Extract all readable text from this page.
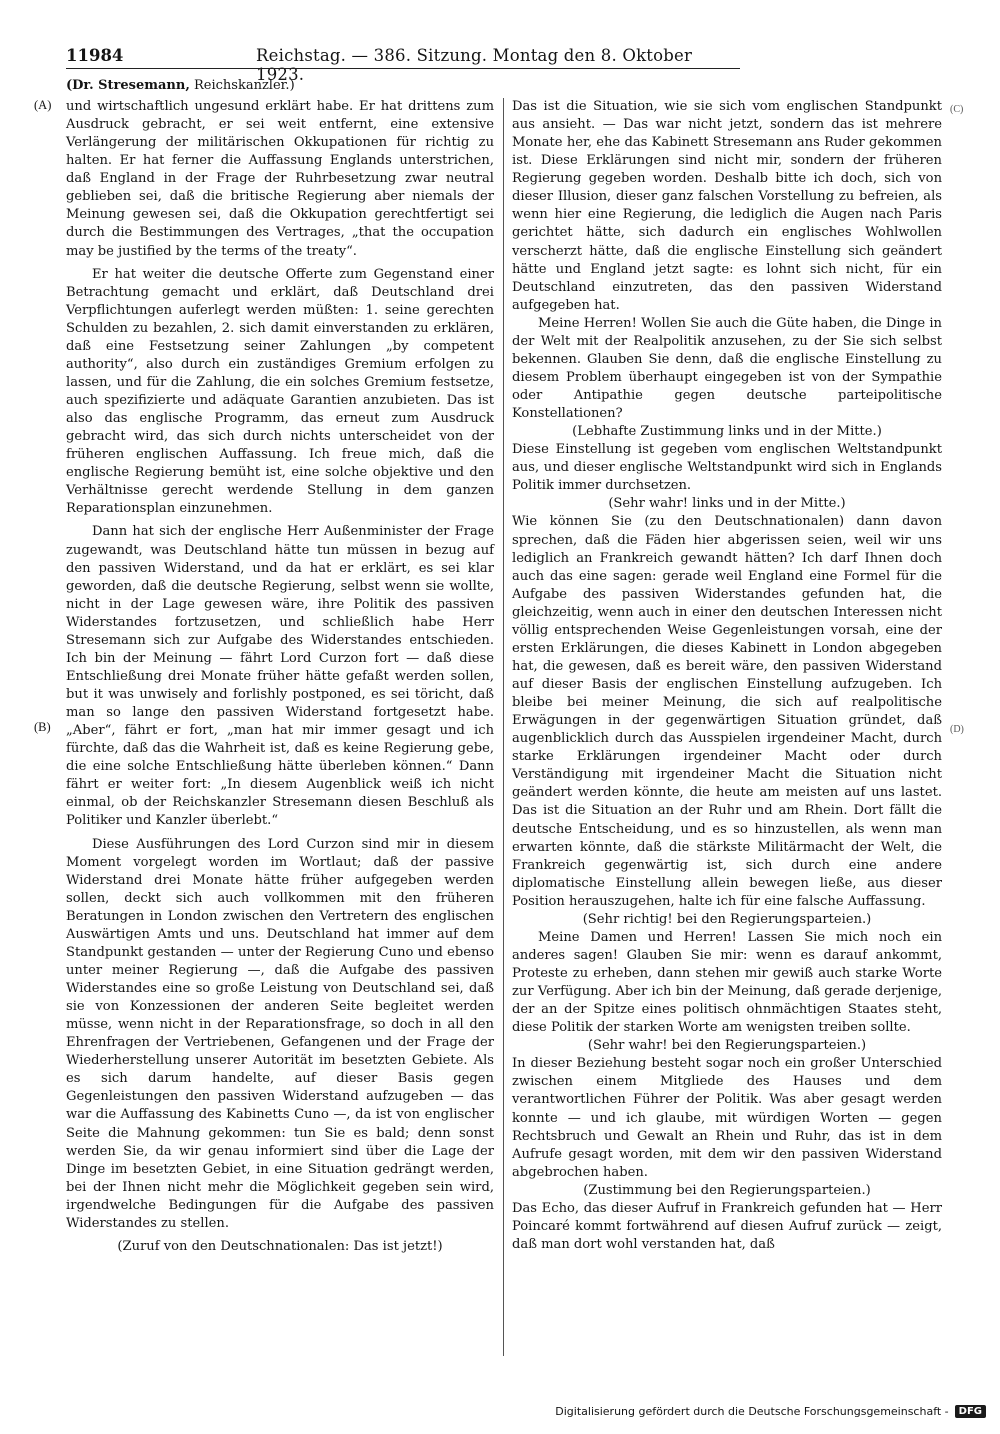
11984	Reichstag. — 386. Sitzung. Montag den 8. Oktober 1923.
(Dr. Stresemann, Reichskanzler.)
(A)
(B)
(C)
(D)

und wirtschaftlich ungesund erklärt habe. Er hat drittens zum Ausdruck gebracht, er sei weit entfernt, eine extensive Verlängerung der militärischen Okkupationen für richtig zu halten. Er hat ferner die Auffassung Englands unterstrichen, daß England in der Frage der Ruhrbesetzung zwar neutral geblieben sei, daß die britische Regierung aber niemals der Meinung gewesen sei, daß die Okkupation gerechtfertigt sei durch die Bestimmungen des Vertrages, „that the occupation may be justified by the terms of the treaty“.

Er hat weiter die deutsche Offerte zum Gegenstand einer Betrachtung gemacht und erklärt, daß Deutschland drei Verpflichtungen auferlegt werden müßten: 1. seine gerechten Schulden zu bezahlen, 2. sich damit einverstanden zu erklären, daß eine Festsetzung seiner Zahlungen „by competent authority“, also durch ein zuständiges Gremium erfolgen zu lassen, und für die Zahlung, die ein solches Gremium festsetze, auch spezifizierte und adäquate Garantien anzubieten. Das ist also das englische Programm, das erneut zum Ausdruck gebracht wird, das sich durch nichts unterscheidet von der früheren englischen Auffassung. Ich freue mich, daß die englische Regierung bemüht ist, eine solche objektive und den Verhältnisse gerecht werdende Stellung in dem ganzen Reparationsplan einzunehmen.

Dann hat sich der englische Herr Außenminister der Frage zugewandt, was Deutschland hätte tun müssen in bezug auf den passiven Widerstand, und da hat er erklärt, es sei klar geworden, daß die deutsche Regierung, selbst wenn sie wollte, nicht in der Lage gewesen wäre, ihre Politik des passiven Widerstandes fortzusetzen, und schließlich habe Herr Stresemann sich zur Aufgabe des Widerstandes entschieden. Ich bin der Meinung — fährt Lord Curzon fort — daß diese Entschließung drei Monate früher hätte gefaßt werden sollen, but it was unwisely and forlishly postponed, es sei töricht, daß man so lange den passiven Widerstand fortgesetzt habe. „Aber“, fährt er fort, „man hat mir immer gesagt und ich fürchte, daß das die Wahrheit ist, daß es keine Regierung gebe, die eine solche Entschließung hätte überleben können.“ Dann fährt er weiter fort: „In diesem Augenblick weiß ich nicht einmal, ob der Reichskanzler Stresemann diesen Beschluß als Politiker und Kanzler überlebt.“

Diese Ausführungen des Lord Curzon sind mir in diesem Moment vorgelegt worden im Wortlaut; daß der passive Widerstand drei Monate hätte früher aufgegeben werden sollen, deckt sich auch vollkommen mit den früheren Beratungen in London zwischen den Vertretern des englischen Auswärtigen Amts und uns. Deutschland hat immer auf dem Standpunkt gestanden — unter der Regierung Cuno und ebenso unter meiner Regierung —, daß die Aufgabe des passiven Widerstandes eine so große Leistung von Deutschland sei, daß sie von Konzessionen der anderen Seite begleitet werden müsse, wenn nicht in der Reparationsfrage, so doch in all den Ehrenfragen der Vertriebenen, Gefangenen und der Frage der Wiederherstellung unserer Autorität im besetzten Gebiete. Als es sich darum handelte, auf dieser Basis gegen Gegenleistungen den passiven Widerstand aufzugeben — das war die Auffassung des Kabinetts Cuno —, da ist von englischer Seite die Mahnung gekommen: tun Sie es bald; denn sonst werden Sie, da wir genau informiert sind über die Lage der Dinge im besetzten Gebiet, in eine Situation gedrängt werden, bei der Ihnen nicht mehr die Möglichkeit gegeben sein wird, irgendwelche Bedingungen für die Aufgabe des passiven Widerstandes zu stellen.

(Zuruf von den Deutschnationalen: Das ist jetzt!)

Das ist die Situation, wie sie sich vom englischen Standpunkt aus ansieht. — Das war nicht jetzt, sondern das ist mehrere Monate her, ehe das Kabinett Stresemann ans Ruder gekommen ist. Diese Erklärungen sind nicht mir, sondern der früheren Regierung gegeben worden. Deshalb bitte ich doch, sich von dieser Illusion, dieser ganz falschen Vorstellung zu befreien, als wenn hier eine Regierung, die lediglich die Augen nach Paris gerichtet hätte, sich dadurch ein englisches Wohlwollen verscherzt hätte, daß die englische Einstellung sich geändert hätte und England jetzt sagte: es lohnt sich nicht, für ein Deutschland einzutreten, das den passiven Widerstand aufgegeben hat.

Meine Herren! Wollen Sie auch die Güte haben, die Dinge in der Welt mit der Realpolitik anzusehen, zu der Sie sich selbst bekennen. Glauben Sie denn, daß die englische Einstellung zu diesem Problem überhaupt eingegeben ist von der Sympathie oder Antipathie gegen deutsche parteipolitische Konstellationen?

(Lebhafte Zustimmung links und in der Mitte.)

Diese Einstellung ist gegeben vom englischen Weltstandpunkt aus, und dieser englische Weltstandpunkt wird sich in Englands Politik immer durchsetzen.

(Sehr wahr! links und in der Mitte.)

Wie können Sie (zu den Deutschnationalen) dann davon sprechen, daß die Fäden hier abgerissen seien, weil wir uns lediglich an Frankreich gewandt hätten? Ich darf Ihnen doch auch das eine sagen: gerade weil England eine Formel für die Aufgabe des passiven Widerstandes gefunden hat, die gleichzeitig, wenn auch in einer den deutschen Interessen nicht völlig entsprechenden Weise Gegenleistungen vorsah, eine der ersten Erklärungen, die dieses Kabinett in London abgegeben hat, die gewesen, daß es bereit wäre, den passiven Widerstand auf dieser Basis der englischen Einstellung aufzugeben. Ich bleibe bei meiner Meinung, die sich auf realpolitische Erwägungen in der gegenwärtigen Situation gründet, daß augenblicklich durch das Ausspielen irgendeiner Macht, durch starke Erklärungen irgendeiner Macht oder durch Verständigung mit irgendeiner Macht die Situation nicht geändert werden könnte, die heute am meisten auf uns lastet. Das ist die Situation an der Ruhr und am Rhein. Dort fällt die deutsche Entscheidung, und es so hinzustellen, als wenn man erwarten könnte, daß die stärkste Militärmacht der Welt, die Frankreich gegenwärtig ist, sich durch eine andere diplomatische Einstellung allein bewegen ließe, aus dieser Position herauszugehen, halte ich für eine falsche Auffassung.

(Sehr richtig! bei den Regierungsparteien.)

Meine Damen und Herren! Lassen Sie mich noch ein anderes sagen! Glauben Sie mir: wenn es darauf ankommt, Proteste zu erheben, dann stehen mir gewiß auch starke Worte zur Verfügung. Aber ich bin der Meinung, daß gerade derjenige, der an der Spitze eines politisch ohnmächtigen Staates steht, diese Politik der starken Worte am wenigsten treiben sollte.

(Sehr wahr! bei den Regierungsparteien.)

In dieser Beziehung besteht sogar noch ein großer Unterschied zwischen einem Mitgliede des Hauses und dem verantwortlichen Führer der Politik. Was aber gesagt werden konnte — und ich glaube, mit würdigen Worten — gegen Rechtsbruch und Gewalt an Rhein und Ruhr, das ist in dem Aufrufe gesagt worden, mit dem wir den passiven Widerstand abgebrochen haben.

(Zustimmung bei den Regierungsparteien.)

Das Echo, das dieser Aufruf in Frankreich gefunden hat — Herr Poincaré kommt fortwährend auf diesen Aufruf zurück — zeigt, daß man dort wohl verstanden hat, daß

Digitalisierung gefördert durch die Deutsche Forschungsgemeinschaft -	DFG
